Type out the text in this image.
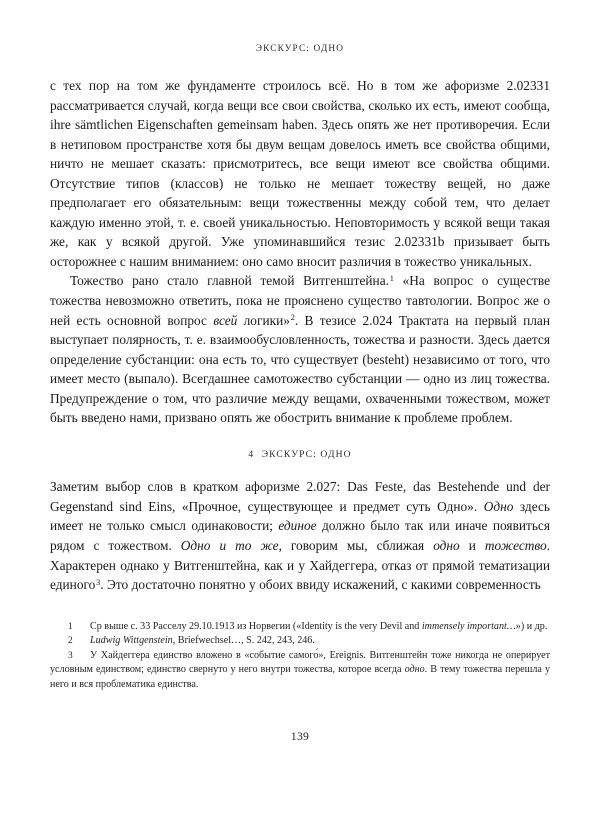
ЭКСКУРС: ОДНО

с тех пор на том же фундаменте строилось всё. Но в том же афоризме 2.02331 рассматривается случай, когда вещи все свои свойства, сколько их есть, имеют сообща, ihre sämtlichen Eigenschaften gemeinsam haben. Здесь опять же нет противоречия. Если в нетиповом пространстве хотя бы двум вещам довелось иметь все свойства общими, ничто не мешает сказать: присмотритесь, все вещи имеют все свойства общими. Отсутствие типов (классов) не только не мешает тожеству вещей, но даже предполагает его обязательным: вещи тожественны между собой тем, что делает каждую именно этой, т. е. своей уникальностью. Неповторимость у всякой вещи такая же, как у всякой другой. Уже упоминавшийся тезис 2.02331b призывает быть осторожнее с нашим вниманием: оно само вносит различия в тожество уникальных.

Тожество рано стало главной темой Витгенштейна.$^1$ «На вопрос о существе тожества невозможно ответить, пока не прояснено существо тавтологии. Вопрос же о ней есть основной вопрос всей логики»$^2$. В тезисе 2.024 Трактата на первый план выступает полярность, т. е. взаимообусловленность, тожества и разности. Здесь дается определение субстанции: она есть то, что существует (besteht) независимо от того, что имеет место (выпало). Всегдашнее самотожество субстанции — одно из лиц тожества. Предупреждение о том, что различие между вещами, охваченными тожеством, может быть введено нами, призвано опять же обострить внимание к проблеме проблем.

4 ЭКСКУРС: ОДНО

Заметим выбор слов в кратком афоризме 2.027: Das Feste, das Bestehende und der Gegenstand sind Eins, «Прочное, существующее и предмет суть Одно». Одно здесь имеет не только смысл одинаковости; единое должно было так или иначе появиться рядом с тожеством. Одно и то же, говорим мы, сближая одно и тожество. Характерен однако у Витгенштейна, как и у Хайдеггера, отказ от прямой тематизации единого$^3$. Это достаточно понятно у обоих ввиду искажений, с какими современность

1 Ср выше с. 33 Расселу 29.10.1913 из Норвегии («Identity is the very Devil and immensely important…») и др.

2 Ludwig Wittgenstein, Briefwechsel…, S. 242, 243, 246.

3 У Хайдеггера единство вложено в «событие самого́», Ereignis. Витгенштейн тоже никогда не оперирует условным единством; единство свернуто у него внутри тожества, которое всегда одно. В тему тожества перешла у него и вся проблематика единства.

139
